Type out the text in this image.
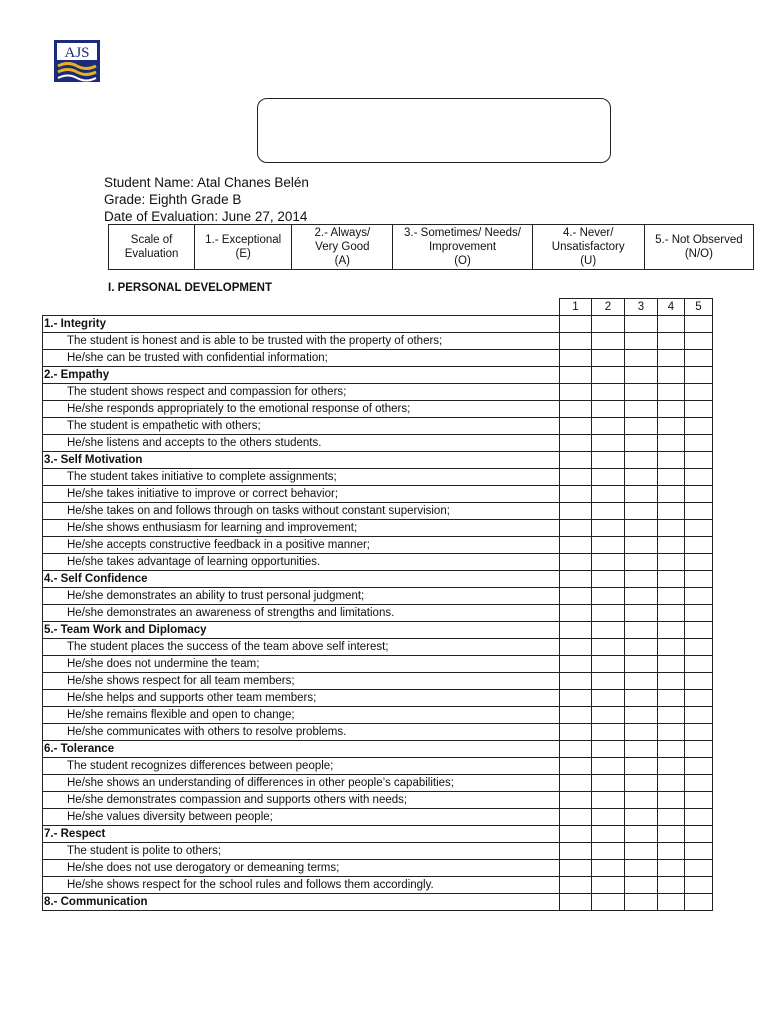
AJS
Student Name: Atal Chanes Belén
Grade: Eighth Grade B
Date of Evaluation: June 27, 2014
Scale of
Evaluation

1.- Exceptional
(E)

2.- Always/
Very Good
(A)

3.- Sometimes/ Needs/
Improvement
(O)

4.- Never/
Unsatisfactory
(U)

5.- Not Observed
(N/O)
I. PERSONAL DEVELOPMENT
	1	2	3	4	5
1.- Integrity					
The student is honest and is able to be trusted with the property of others;					
He/she can be trusted with confidential information;					
2.- Empathy					
The student shows respect and compassion for others;					
He/she responds appropriately to the emotional response of others;					
The student is empathetic with others;					
He/she listens and accepts to the others students.					
3.- Self Motivation					
The student takes initiative to complete assignments;					
He/she takes initiative to improve or correct behavior;					
He/she takes on and follows through on tasks without constant supervision;					
He/she shows enthusiasm for learning and improvement;					
He/she accepts constructive feedback in a positive manner;					
He/she takes advantage of learning opportunities.					
4.- Self Confidence					
He/she demonstrates an ability to trust personal judgment;					
He/she demonstrates an awareness of strengths and limitations.					
5.- Team Work and Diplomacy					
The student places the success of the team above self interest;					
He/she does not undermine the team;					
He/she shows respect for all team members;					
He/she helps and supports other team members;					
He/she remains flexible and open to change;					
He/she communicates with others to resolve problems.					
6.- Tolerance					
The student recognizes differences between people;					
He/she shows an understanding of differences in other people’s capabilities;					
He/she demonstrates compassion and supports others with needs;					
He/she values diversity between people;					
7.- Respect					
The student is polite to others;					
He/she does not use derogatory or demeaning terms;					
He/she shows respect for the school rules and follows them accordingly.					
8.- Communication					
